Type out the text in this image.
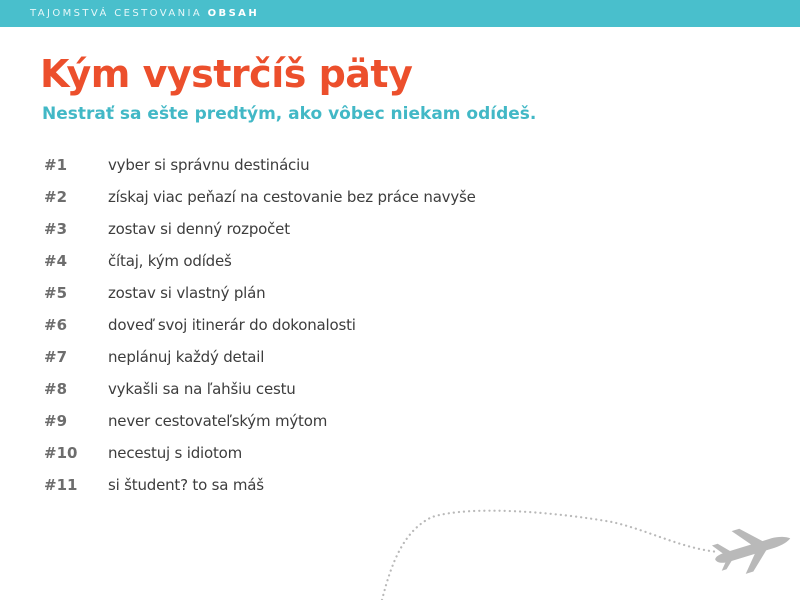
TAJOMSTVÁ CESTOVANIA OBSAH
Kým vystrčíš päty
Nestrať sa ešte predtým, ako vôbec niekam odídeš.
#1	vyber si správnu destináciu
#2	získaj viac peňazí na cestovanie bez práce navyše
#3	zostav si denný rozpočet
#4	čítaj, kým odídeš
#5	zostav si vlastný plán
#6	doveď svoj itinerár do dokonalosti
#7	neplánuj každý detail
#8	vykašli sa na ľahšiu cestu
#9	never cestovateľským mýtom
#10 necestuj s idiotom
#11 si študent? to sa máš
